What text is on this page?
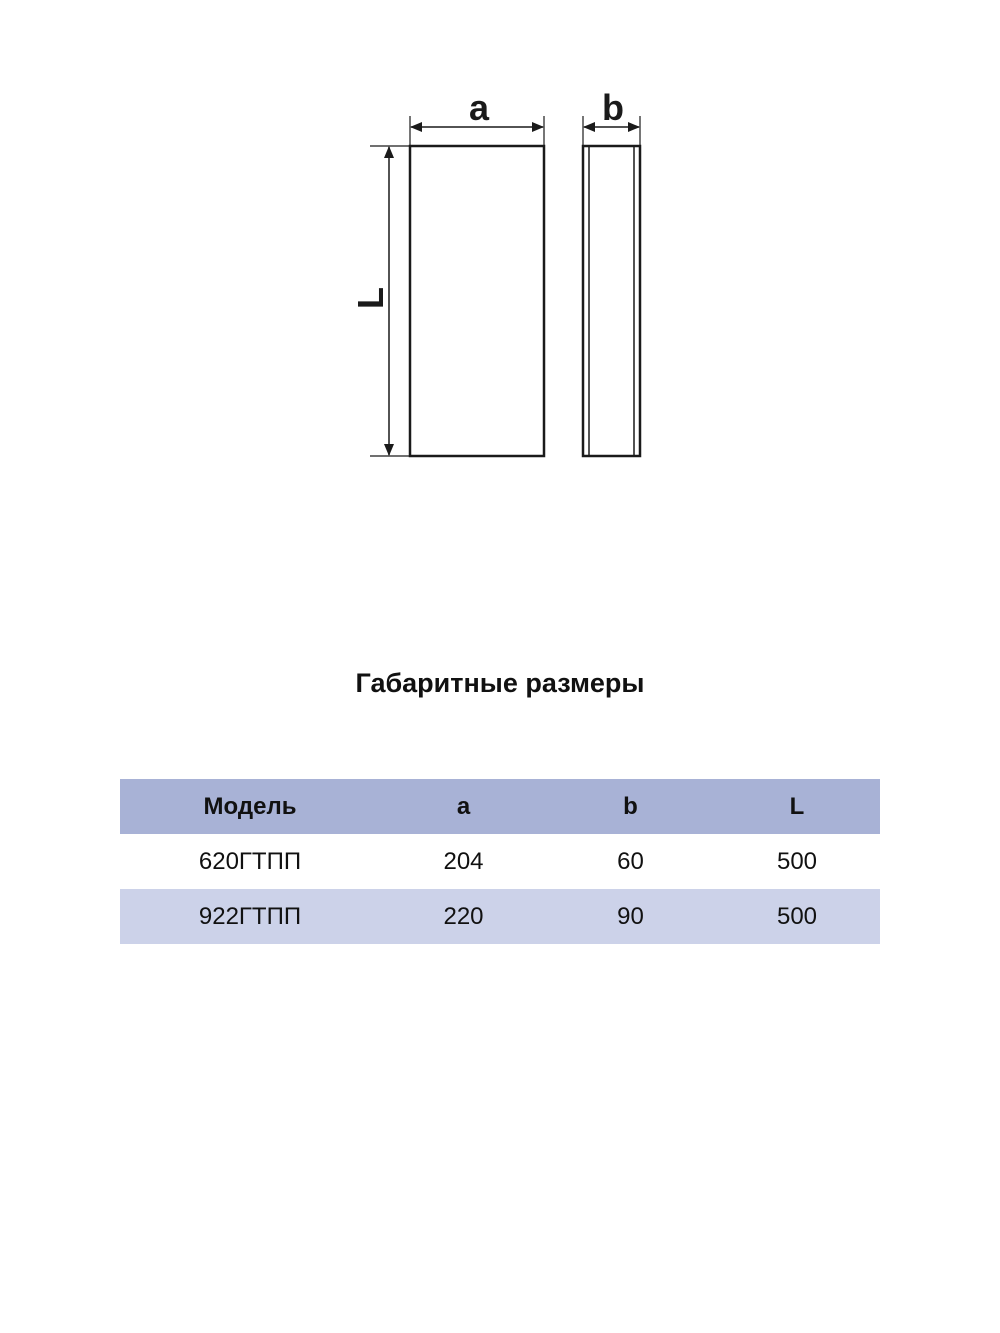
a	b
L
Габаритные размеры
Модель	a	b	L
620ГТПП	204	60	500
922ГТПП	220	90	500
